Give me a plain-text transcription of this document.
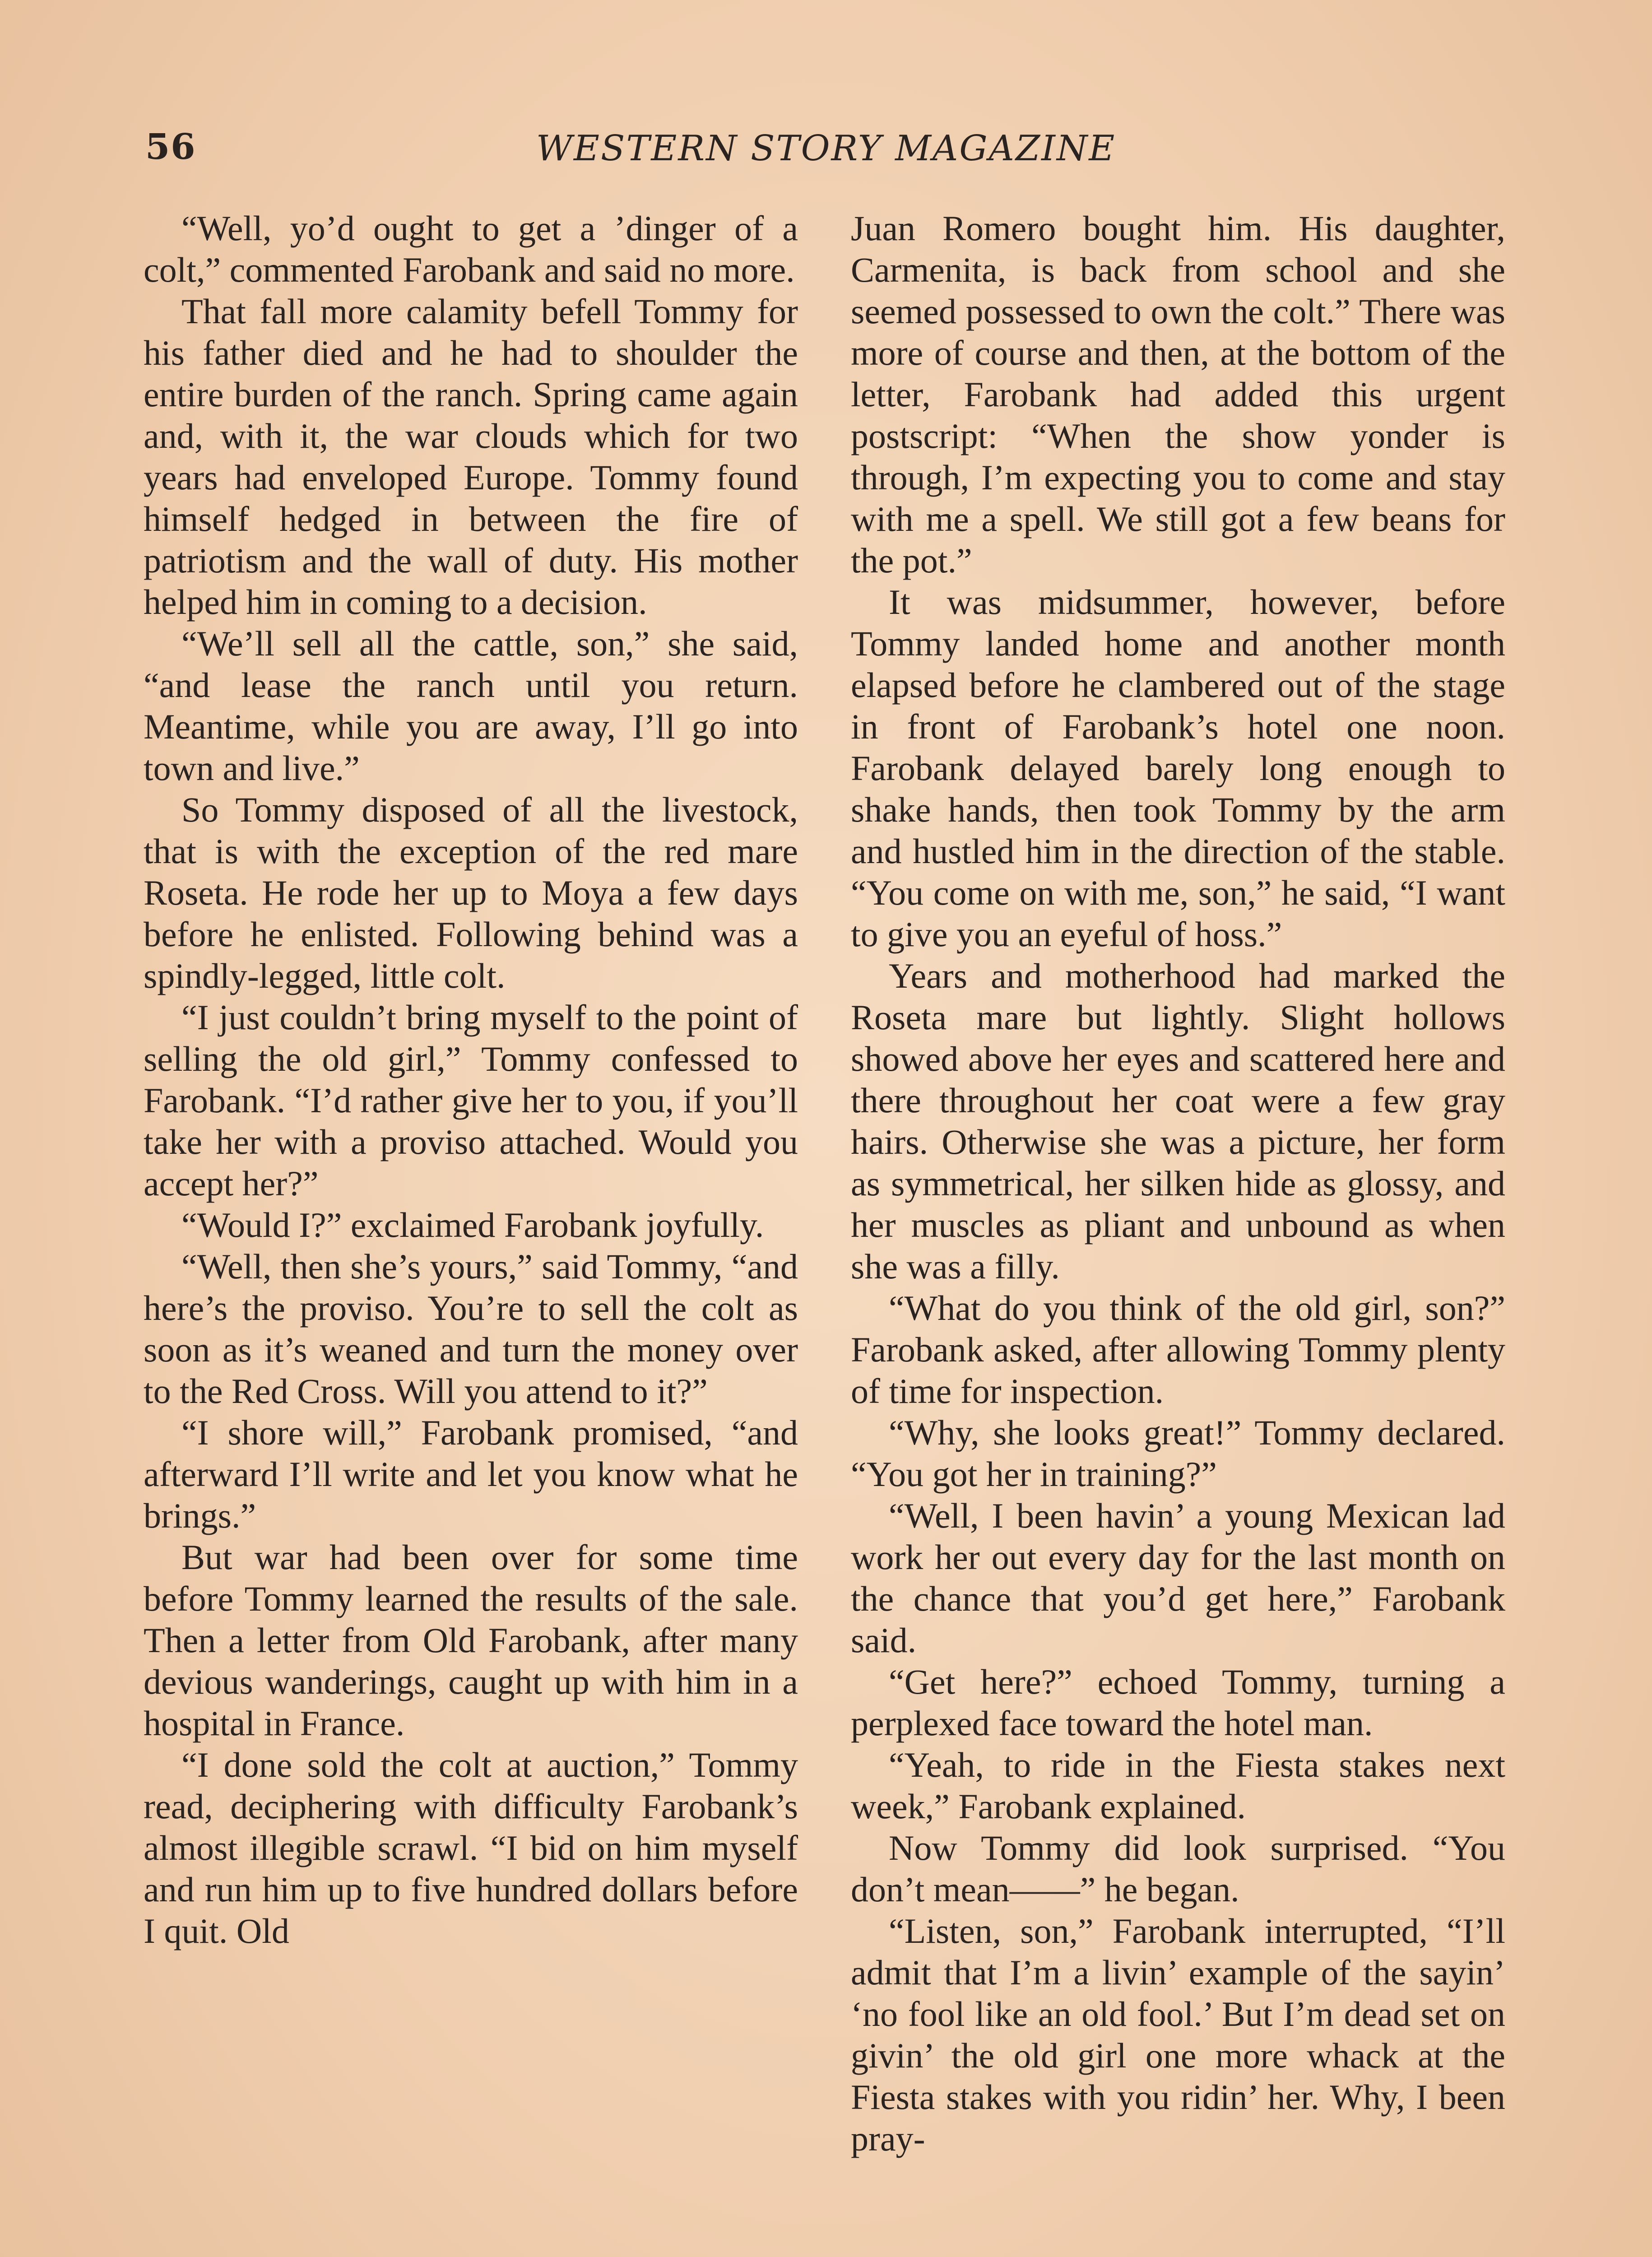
56	WESTERN STORY MAGAZINE

“Well, yo’d ought to get a ’dinger of a colt,” commented Farobank and said no more.

That fall more calamity befell Tommy for his father died and he had to shoulder the entire burden of the ranch. Spring came again and, with it, the war clouds which for two years had enveloped Europe. Tommy found himself hedged in between the fire of patriotism and the wall of duty. His mother helped him in coming to a decision.

“We’ll sell all the cattle, son,” she said, “and lease the ranch until you return. Meantime, while you are away, I’ll go into town and live.”

So Tommy disposed of all the livestock, that is with the exception of the red mare Roseta. He rode her up to Moya a few days before he enlisted. Following behind was a spindly-legged, little colt.

“I just couldn’t bring myself to the point of selling the old girl,” Tommy confessed to Farobank. “I’d rather give her to you, if you’ll take her with a proviso attached. Would you accept her?”

“Would I?” exclaimed Farobank joyfully.

“Well, then she’s yours,” said Tommy, “and here’s the proviso. You’re to sell the colt as soon as it’s weaned and turn the money over to the Red Cross. Will you attend to it?”

“I shore will,” Farobank promised, “and afterward I’ll write and let you know what he brings.”

But war had been over for some time before Tommy learned the results of the sale. Then a letter from Old Farobank, after many devious wanderings, caught up with him in a hospital in France.

“I done sold the colt at auction,” Tommy read, deciphering with difficulty Farobank’s almost illegible scrawl. “I bid on him myself and run him up to five hundred dollars before I quit. Old

Juan Romero bought him. His daughter, Carmenita, is back from school and she seemed possessed to own the colt.” There was more of course and then, at the bottom of the letter, Farobank had added this urgent postscript: “When the show yonder is through, I’m expecting you to come and stay with me a spell. We still got a few beans for the pot.”

It was midsummer, however, before Tommy landed home and another month elapsed before he clambered out of the stage in front of Farobank’s hotel one noon. Farobank delayed barely long enough to shake hands, then took Tommy by the arm and hustled him in the direction of the stable. “You come on with me, son,” he said, “I want to give you an eyeful of hoss.”

Years and motherhood had marked the Roseta mare but lightly. Slight hollows showed above her eyes and scattered here and there throughout her coat were a few gray hairs. Otherwise she was a picture, her form as symmetrical, her silken hide as glossy, and her muscles as pliant and unbound as when she was a filly.

“What do you think of the old girl, son?” Farobank asked, after allowing Tommy plenty of time for inspection.

“Why, she looks great!” Tommy declared. “You got her in training?”

“Well, I been havin’ a young Mexican lad work her out every day for the last month on the chance that you’d get here,” Farobank said.

“Get here?” echoed Tommy, turning a perplexed face toward the hotel man.

“Yeah, to ride in the Fiesta stakes next week,” Farobank explained.

Now Tommy did look surprised. “You don’t mean——” he began.

“Listen, son,” Farobank interrupted, “I’ll admit that I’m a livin’ example of the sayin’ ‘no fool like an old fool.’ But I’m dead set on givin’ the old girl one more whack at the Fiesta stakes with you ridin’ her. Why, I been pray-
